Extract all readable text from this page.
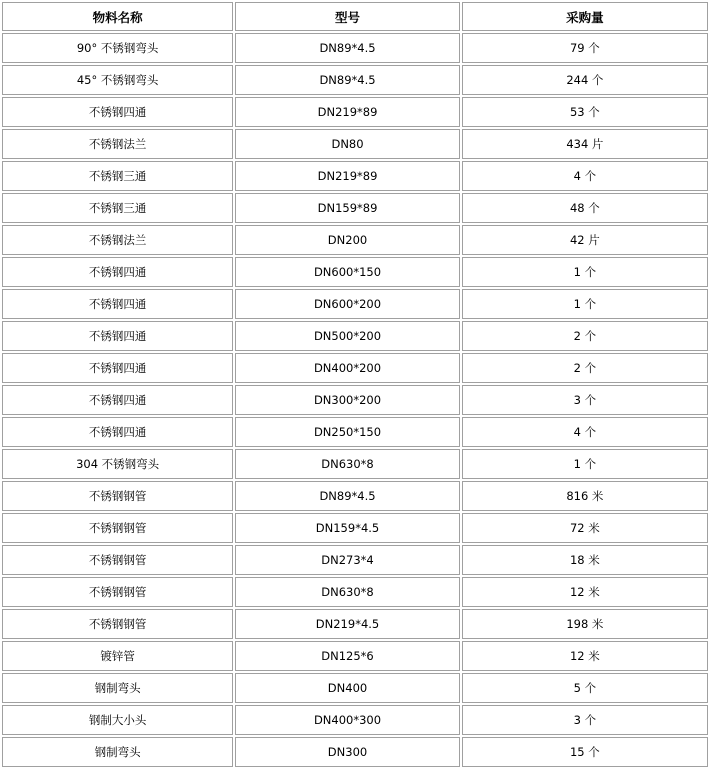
物料名称	型号	采购量
90° 不锈钢弯头	DN89*4.5	79 个
45° 不锈钢弯头	DN89*4.5	244 个
不锈钢四通	DN219*89	53 个
不锈钢法兰	DN80	434 片
不锈钢三通	DN219*89	4 个
不锈钢三通	DN159*89	48 个
不锈钢法兰	DN200	42 片
不锈钢四通	DN600*150	1 个
不锈钢四通	DN600*200	1 个
不锈钢四通	DN500*200	2 个
不锈钢四通	DN400*200	2 个
不锈钢四通	DN300*200	3 个
不锈钢四通	DN250*150	4 个
304 不锈钢弯头	DN630*8	1 个
不锈钢钢管	DN89*4.5	816 米
不锈钢钢管	DN159*4.5	72 米
不锈钢钢管	DN273*4	18 米
不锈钢钢管	DN630*8	12 米
不锈钢钢管	DN219*4.5	198 米
镀锌管	DN125*6	12 米
钢制弯头	DN400	5 个
钢制大小头	DN400*300	3 个
钢制弯头	DN300	15 个
